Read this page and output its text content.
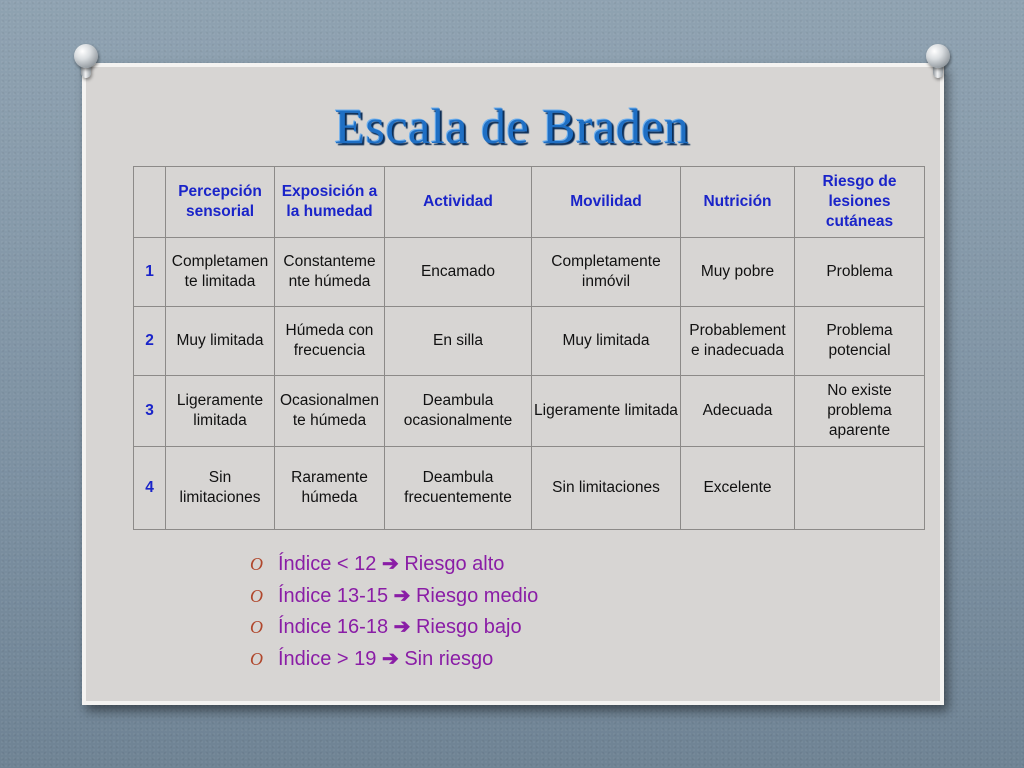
Escala de Braden
	Percepción sensorial	Exposición a la humedad	Actividad	Movilidad	Nutrición	Riesgo de lesiones cutáneas
1	Completamen te limitada	Constanteme nte húmeda	Encamado	Completamente inmóvil	Muy pobre	Problema
2	Muy limitada	Húmeda con frecuencia	En silla	Muy limitada	Probablement e inadecuada	Problema potencial
3	Ligeramente limitada	Ocasionalmen te húmeda	Deambula ocasionalmente	Ligeramente limitada	Adecuada	No existe problema aparente
4	Sin limitaciones	Raramente húmeda	Deambula frecuentemente	Sin limitaciones	Excelente	
O Índice < 12 ➔ Riesgo alto
O Índice 13-15 ➔ Riesgo medio
O Índice 16-18 ➔ Riesgo bajo
O Índice > 19 ➔ Sin riesgo
